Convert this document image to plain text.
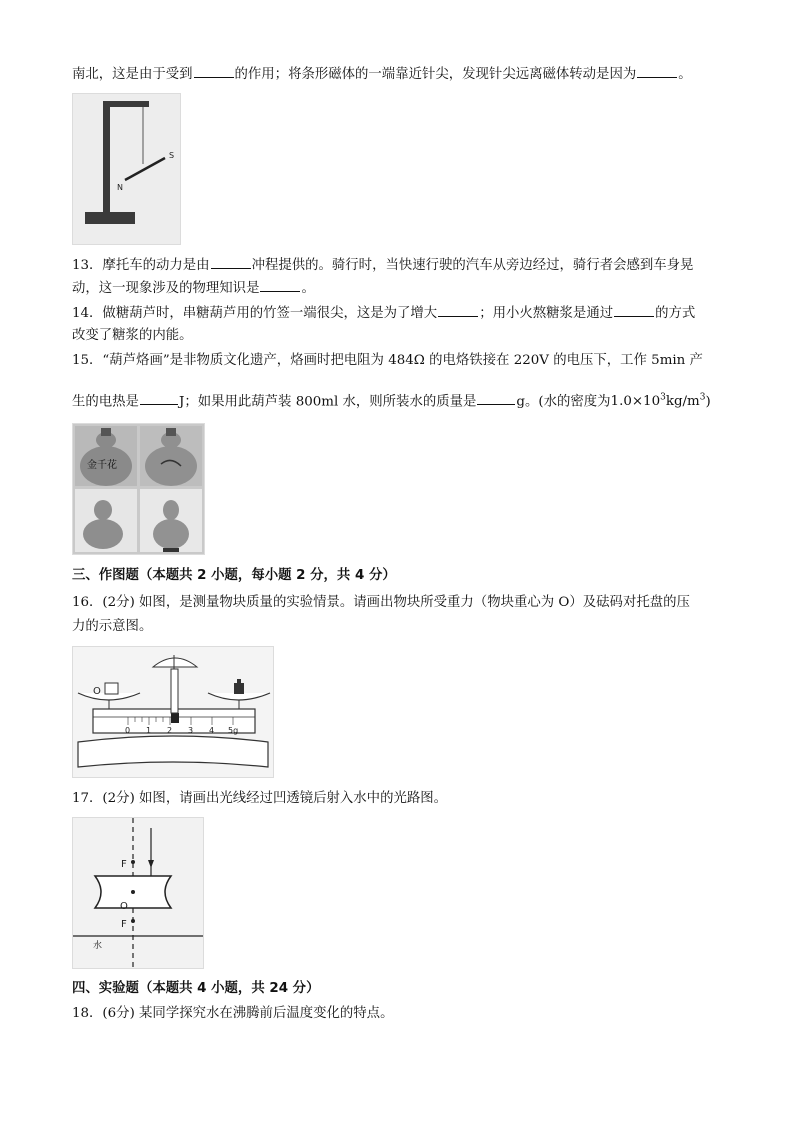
南北，这是由于受到	的作用；将条形磁体的一端靠近针尖，发现针尖远离磁体转动是因为	。
S
N
13．摩托车的动力是由	冲程提供的。骑行时，当快速行驶的汽车从旁边经过，骑行者会感到车身晃
动，这一现象涉及的物理知识是	。
14．做糖葫芦时，串糖葫芦用的竹签一端很尖，这是为了增大	；用小火熬糖浆是通过	的方式
改变了糖浆的内能。
15．“葫芦烙画”是非物质文化遗产，烙画时把电阻为 484Ω 的电烙铁接在 220V 的电压下，工作 5min 产
生的电热是	J；如果用此葫芦装 800ml 水，则所装水的质量是	g。(水的密度为$1.0\times 10^3kg/m^3$)
金千花
三、作图题（本题共 2 小题，每小题 2 分，共 4 分）
16．(2分) 如图，是测量物块质量的实验情景。请画出物块所受重力（物块重心为 O）及砝码对托盘的压
力的示意图。
0 1 2 3 4 5g
O
17．(2分) 如图，请画出光线经过凹透镜后射入水中的光路图。
F
O
F
水
四、实验题（本题共 4 小题，共 24 分）
18．(6分) 某同学探究水在沸腾前后温度变化的特点。
